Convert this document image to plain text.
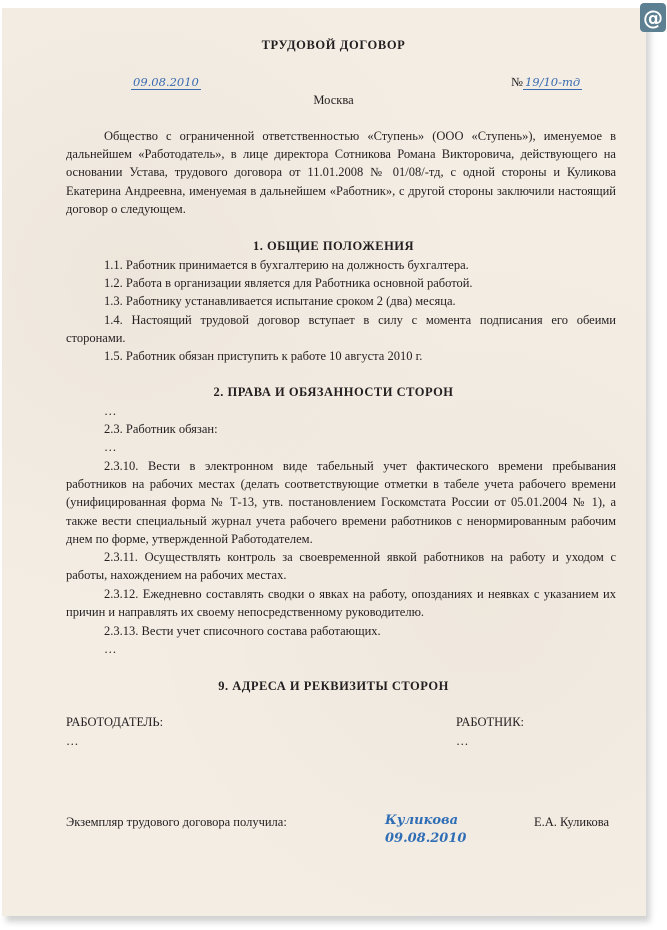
@
ТРУДОВОЙ ДОГОВОР
09.08.2010	№ 19/10-тд
Москва
Общество с ограниченной ответственностью «Ступень» (ООО «Ступень»), именуемое в дальнейшем «Работодатель», в лице директора Сотникова Романа Викторовича, действующего на основании Устава, трудового договора от 11.01.2008 № 01/08/-тд, с одной стороны и Куликова Екатерина Андреевна, именуемая в дальнейшем «Работник», с другой стороны заключили настоящий договор о следующем.
1. ОБЩИЕ ПОЛОЖЕНИЯ
1.1. Работник принимается в бухгалтерию на должность бухгалтера.
1.2. Работа в организации является для Работника основной работой.
1.3. Работнику устанавливается испытание сроком 2 (два) месяца.
1.4. Настоящий трудовой договор вступает в силу с момента подписания его обеими сторонами.
1.5. Работник обязан приступить к работе 10 августа 2010 г.
2. ПРАВА И ОБЯЗАННОСТИ СТОРОН
…
2.3. Работник обязан:
…
2.3.10. Вести в электронном виде табельный учет фактического времени пребывания работников на рабочих местах (делать соответствующие отметки в табеле учета рабочего времени (унифицированная форма № Т-13, утв. постановлением Госкомстата России от 05.01.2004 № 1), а также вести специальный журнал учета рабочего времени работников с ненормированным рабочим днем по форме, утвержденной Работодателем.
2.3.11. Осуществлять контроль за своевременной явкой работников на работу и уходом с работы, нахождением на рабочих местах.
2.3.12. Ежедневно составлять сводки о явках на работу, опозданиях и неявках с указанием их причин и направлять их своему непосредственному руководителю.
2.3.13. Вести учет списочного состава работающих.
…
9. АДРЕСА И РЕКВИЗИТЫ СТОРОН
РАБОТОДАТЕЛЬ:
…
РАБОТНИК:
…
Экземпляр трудового договора получила:	Куликова
09.08.2010
Е.А. Куликова
